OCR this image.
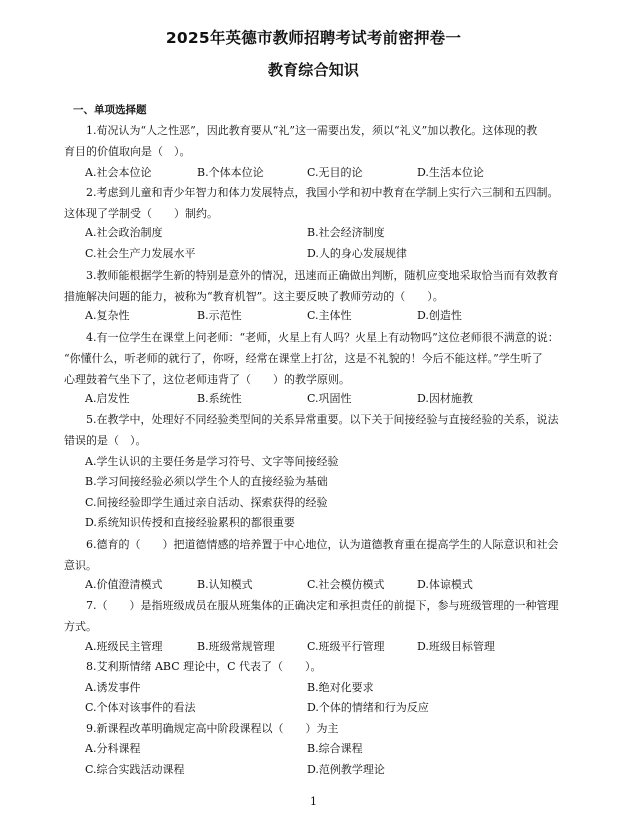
2025年英德市教师招聘考试考前密押卷一
教育综合知识
一、单项选择题
1.荀况认为“人之性恶”，因此教育要从“礼”这一需要出发，须以“礼义”加以教化。这体现的教
育目的价值取向是（　）。
A.社会本位论	B.个体本位论	C.无目的论	D.生活本位论
2.考虑到儿童和青少年智力和体力发展特点，我国小学和初中教育在学制上实行六三制和五四制。
这体现了学制受（　　）制约。
A.社会政治制度	B.社会经济制度
C.社会生产力发展水平	D.人的身心发展规律
3.教师能根据学生新的特别是意外的情况，迅速而正确做出判断，随机应变地采取恰当而有效教育
措施解决问题的能力，被称为“教育机智”。这主要反映了教师劳动的（　　）。
A.复杂性	B.示范性	C.主体性	D.创造性
4.有一位学生在课堂上问老师：“老师，火星上有人吗？火星上有动物吗”这位老师很不满意的说：
“你懂什么，听老师的就行了，你呀，经常在课堂上打岔，这是不礼貌的！今后不能这样。”学生听了
心理鼓着气坐下了，这位老师违背了（　　）的教学原则。
A.启发性	B.系统性	C.巩固性	D.因材施教
5.在教学中，处理好不同经验类型间的关系异常重要。以下关于间接经验与直接经验的关系，说法
错误的是（　）。
A.学生认识的主要任务是学习符号、文字等间接经验
B.学习间接经验必须以学生个人的直接经验为基础
C.间接经验即学生通过亲自活动、探索获得的经验
D.系统知识传授和直接经验累积的都很重要
6.德育的（　　）把道德情感的培养置于中心地位，认为道德教育重在提高学生的人际意识和社会
意识。
A.价值澄清模式	B.认知模式	C.社会模仿模式	D.体谅模式
7.（　　）是指班级成员在服从班集体的正确决定和承担责任的前提下，参与班级管理的一种管理
方式。
A.班级民主管理	B.班级常规管理	C.班级平行管理	D.班级目标管理
8.艾利斯情绪 ABC 理论中，C 代表了（　　）。
A.诱发事件	B.绝对化要求
C.个体对该事件的看法	D.个体的情绪和行为反应
9.新课程改革明确规定高中阶段课程以（　　）为主
A.分科课程	B.综合课程
C.综合实践活动课程	D.范例教学理论
1
